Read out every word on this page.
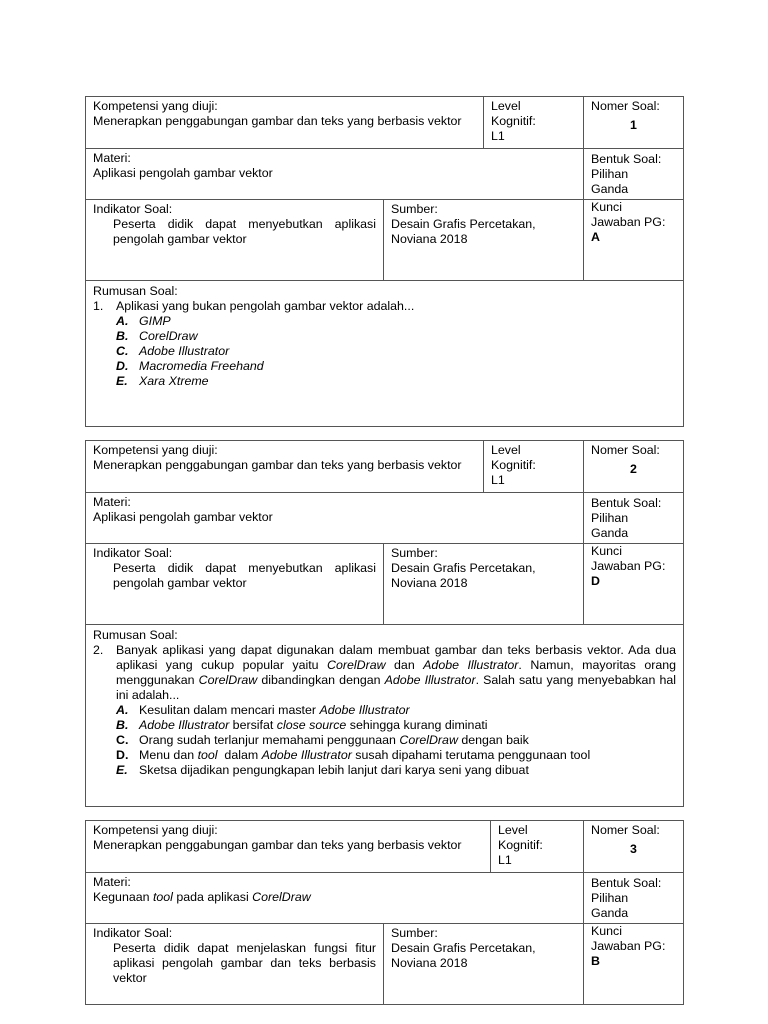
Kompetensi yang diuji:
Menerapkan penggabungan gambar dan teks yang berbasis vektor
Level
Kognitif:
L1
Nomer Soal:
1
Materi:
Aplikasi pengolah gambar vektor
Bentuk Soal:
Pilihan
Ganda
Indikator Soal:
Peserta didik dapat menyebutkan aplikasi pengolah gambar vektor
Sumber:
Desain Grafis Percetakan, Noviana 2018
Kunci
Jawaban PG:
A
Rumusan Soal:
1.	Aplikasi yang bukan pengolah gambar vektor adalah...
A. GIMP
B. CorelDraw
C. Adobe Illustrator
D. Macromedia Freehand
E. Xara Xtreme
Kompetensi yang diuji:
Menerapkan penggabungan gambar dan teks yang berbasis vektor
Level
Kognitif:
L1
Nomer Soal:
2
Materi:
Aplikasi pengolah gambar vektor
Bentuk Soal:
Pilihan
Ganda
Indikator Soal:
Peserta didik dapat menyebutkan aplikasi pengolah gambar vektor
Sumber:
Desain Grafis Percetakan, Noviana 2018
Kunci
Jawaban PG:
D
Rumusan Soal:
2.	Banyak aplikasi yang dapat digunakan dalam membuat gambar dan teks berbasis vektor. Ada dua aplikasi yang cukup popular yaitu CorelDraw dan Adobe Illustrator. Namun, mayoritas orang menggunakan CorelDraw dibandingkan dengan Adobe Illustrator. Salah satu yang menyebabkan hal ini adalah...
A. Kesulitan dalam mencari master Adobe Illustrator
B. Adobe Illustrator bersifat close source sehingga kurang diminati
C. Orang sudah terlanjur memahami penggunaan CorelDraw dengan baik
D. Menu dan tool  dalam Adobe Illustrator susah dipahami terutama penggunaan tool
E. Sketsa dijadikan pengungkapan lebih lanjut dari karya seni yang dibuat
Kompetensi yang diuji:
Menerapkan penggabungan gambar dan teks yang berbasis vektor
Level
Kognitif:
L1
Nomer Soal:
3
Materi:
Kegunaan tool pada aplikasi CorelDraw
Bentuk Soal:
Pilihan
Ganda
Indikator Soal:
Peserta didik dapat menjelaskan fungsi fitur aplikasi pengolah gambar dan teks berbasis vektor
Sumber:
Desain Grafis Percetakan, Noviana 2018
Kunci
Jawaban PG:
B
